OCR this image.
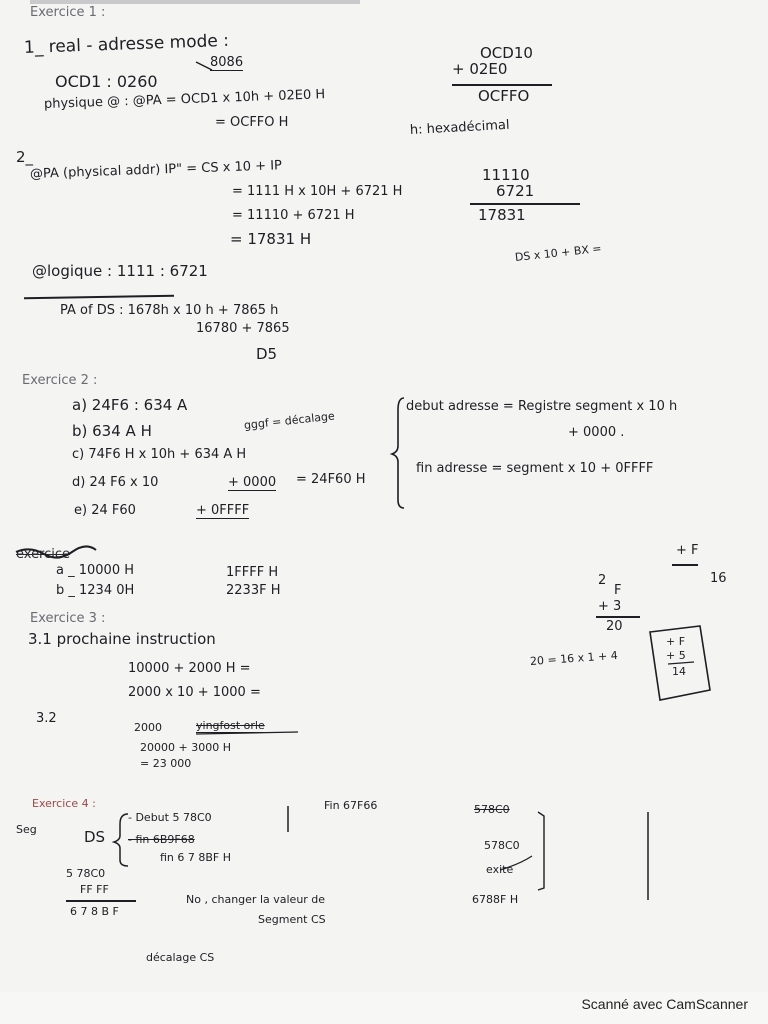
Exercice 1 :
1_ real - adresse mode :
8086
OCD1 : 0260
physique @ : @PA = OCD1 x 10h + 02E0 H
= OCFFO H
OCD10
+ 02E0
OCFFO
h: hexadécimal
2_
@PA (physical addr) IP" = CS x 10 + IP
= 1111 H x 10H + 6721 H
= 11110 + 6721 H
= 17831 H
11110
6721
17831
@logique : 1111 : 6721
DS x 10 + BX =
PA of DS : 1678h x 10 h + 7865 h
16780 + 7865
D5
Exercice 2 :
a) 24F6 : 634 A
b) 634 A H	gggf = décalage
c) 74F6 H x 10h + 634 A H
d) 24 F6 x 10	+ 0000 = 24F60 H
e) 24 F60	+ 0FFFF
debut adresse = Registre segment x 10 h
+ 0000 .
fin adresse = segment x 10 + 0FFFF
exercice
a _ 10000 H	1FFFF H
b _ 1234 0H	2233F H
+ F
16
2
F
+ 3
20
20 = 16 x 1 + 4
+ F
+ 5
14
Exercice 3 :
3.1 prochaine instruction
10000 + 2000 H =
2000 x 10 + 1000 =
3.2
2000	yingfost orle
20000 + 3000 H
= 23 000
Exercice 4 :
Seg	DS
- Debut 5 78C0
- fin 6B9F68
fin 6 7 8BF H
Fin 67F66	578C0
578C0
exite
6788F H
5 78C0
FF FF
6 7 8 B F
No , changer la valeur de
Segment CS
décalage CS
Scanné avec CamScanner
